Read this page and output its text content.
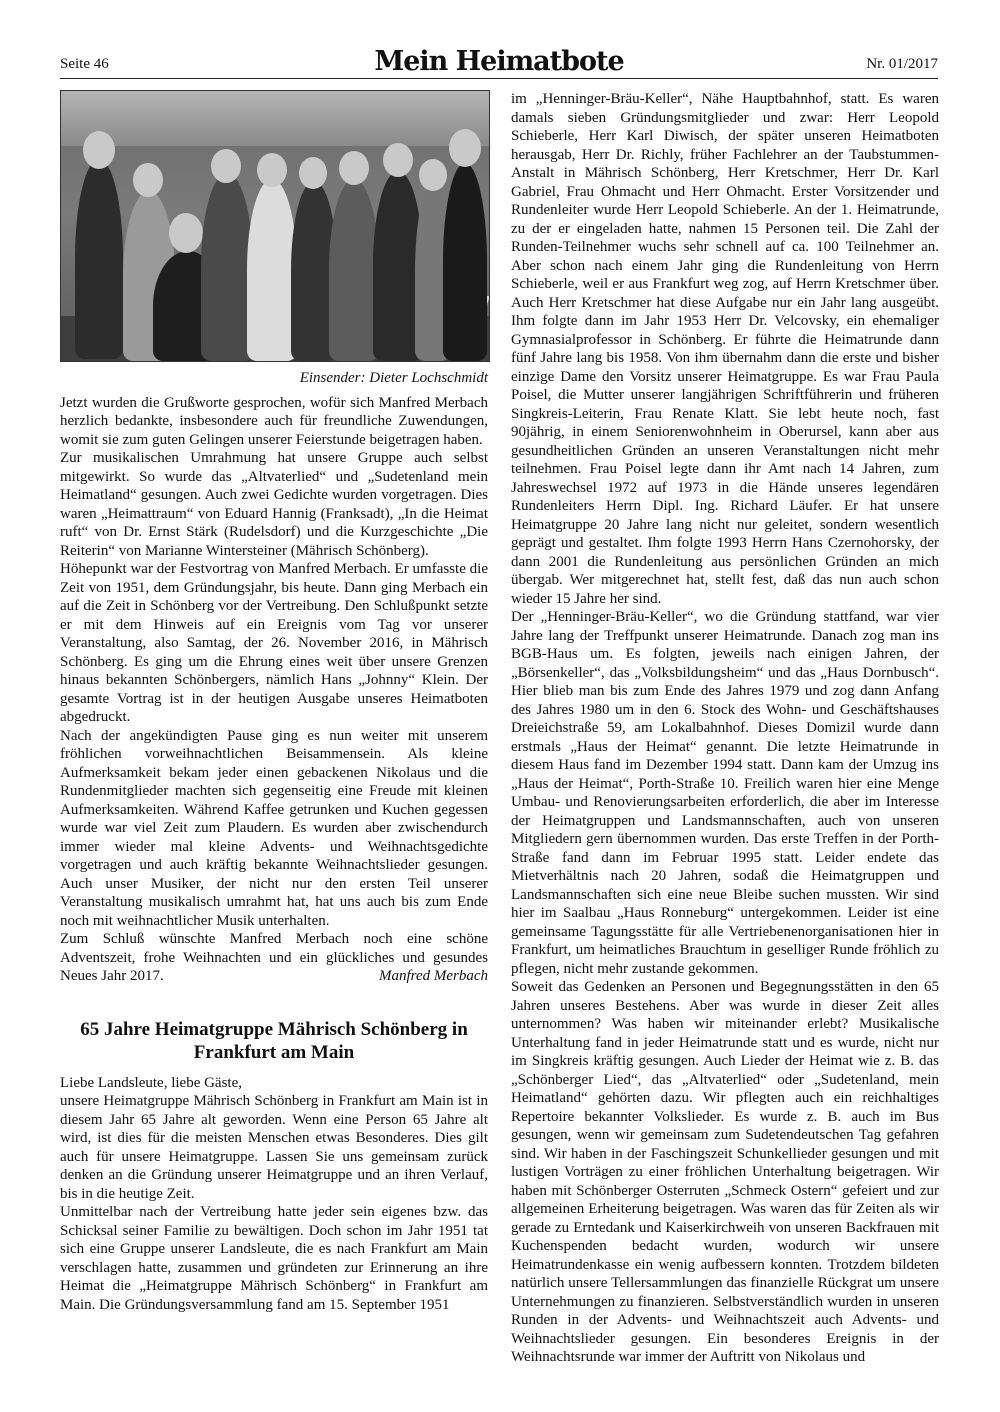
Seite 46	Mein Heimatbote	Nr. 01/2017
Einsender: Dieter Lochschmidt

Jetzt wurden die Grußworte gesprochen, wofür sich Manfred Merbach herzlich bedankte, insbesondere auch für freundliche Zuwendungen, womit sie zum guten Gelingen unserer Feierstunde beigetragen haben.

Zur musikalischen Umrahmung hat unsere Gruppe auch selbst mitgewirkt. So wurde das „Altvaterlied“ und „Sudetenland mein Heimatland“ gesungen. Auch zwei Gedichte wurden vorgetragen. Dies waren „Heimattraum“ von Eduard Hannig (Franksadt), „In die Heimat ruft“ von Dr. Ernst Stärk (Rudelsdorf) und die Kurzgeschichte „Die Reiterin“ von Marianne Wintersteiner (Mährisch Schönberg).

Höhepunkt war der Festvortrag von Manfred Merbach. Er umfasste die Zeit von 1951, dem Gründungsjahr, bis heute. Dann ging Merbach ein auf die Zeit in Schönberg vor der Vertreibung. Den Schlußpunkt setzte er mit dem Hinweis auf ein Ereignis vom Tag vor unserer Veranstaltung, also Samtag, der 26. November 2016, in Mährisch Schönberg. Es ging um die Ehrung eines weit über unsere Grenzen hinaus bekannten Schönbergers, nämlich Hans „Johnny“ Klein. Der gesamte Vortrag ist in der heutigen Ausgabe unseres Heimatboten abgedruckt.

Nach der angekündigten Pause ging es nun weiter mit unserem fröhlichen vorweihnachtlichen Beisammensein. Als kleine Aufmerksamkeit bekam jeder einen gebackenen Nikolaus und die Rundenmitglieder machten sich gegenseitig eine Freude mit kleinen Aufmerksamkeiten. Während Kaffee getrunken und Kuchen gegessen wurde war viel Zeit zum Plaudern. Es wurden aber zwischendurch immer wieder mal kleine Advents- und Weihnachtsgedichte vorgetragen und auch kräftig bekannte Weihnachtslieder gesungen. Auch unser Musiker, der nicht nur den ersten Teil unserer Veranstaltung musikalisch umrahmt hat, hat uns auch bis zum Ende noch mit weihnachtlicher Musik unterhalten.

Zum Schluß wünschte Manfred Merbach noch eine schöne Adventszeit, frohe Weihnachten und ein glückliches und gesundes Neues Jahr 2017.	Manfred Merbach

65 Jahre Heimatgruppe Mährisch Schönberg in Frankfurt am Main

Liebe Landsleute, liebe Gäste,

unsere Heimatgruppe Mährisch Schönberg in Frankfurt am Main ist in diesem Jahr 65 Jahre alt geworden. Wenn eine Person 65 Jahre alt wird, ist dies für die meisten Menschen etwas Besonderes. Dies gilt auch für unsere Heimatgruppe. Lassen Sie uns gemeinsam zurück denken an die Gründung unserer Heimatgruppe und an ihren Verlauf, bis in die heutige Zeit.

Unmittelbar nach der Vertreibung hatte jeder sein eigenes bzw. das Schicksal seiner Familie zu bewältigen. Doch schon im Jahr 1951 tat sich eine Gruppe unserer Landsleute, die es nach Frankfurt am Main verschlagen hatte, zusammen und gründeten zur Erinnerung an ihre Heimat die „Heimatgruppe Mährisch Schönberg“ in Frankfurt am Main. Die Gründungsversammlung fand am 15. September 1951

im „Henninger-Bräu-Keller“, Nähe Hauptbahnhof, statt. Es waren damals sieben Gründungsmitglieder und zwar: Herr Leopold Schieberle, Herr Karl Diwisch, der später unseren Heimatboten herausgab, Herr Dr. Richly, früher Fachlehrer an der Taubstummen-Anstalt in Mährisch Schönberg, Herr Kretschmer, Herr Dr. Karl Gabriel, Frau Ohmacht und Herr Ohmacht. Erster Vorsitzender und Rundenleiter wurde Herr Leopold Schieberle. An der 1. Heimatrunde, zu der er eingeladen hatte, nahmen 15 Personen teil. Die Zahl der Runden-Teilnehmer wuchs sehr schnell auf ca. 100 Teilnehmer an. Aber schon nach einem Jahr ging die Rundenleitung von Herrn Schieberle, weil er aus Frankfurt weg zog, auf Herrn Kretschmer über. Auch Herr Kretschmer hat diese Aufgabe nur ein Jahr lang ausgeübt. Ihm folgte dann im Jahr 1953 Herr Dr. Velcovsky, ein ehemaliger Gymnasialprofessor in Schönberg. Er führte die Heimatrunde dann fünf Jahre lang bis 1958. Von ihm übernahm dann die erste und bisher einzige Dame den Vorsitz unserer Heimatgruppe. Es war Frau Paula Poisel, die Mutter unserer langjährigen Schriftführerin und früheren Singkreis-Leiterin, Frau Renate Klatt. Sie lebt heute noch, fast 90jährig, in einem Seniorenwohnheim in Oberursel, kann aber aus gesundheitlichen Gründen an unseren Veranstaltungen nicht mehr teilnehmen. Frau Poisel legte dann ihr Amt nach 14 Jahren, zum Jahreswechsel 1972 auf 1973 in die Hände unseres legendären Rundenleiters Herrn Dipl. Ing. Richard Läufer. Er hat unsere Heimatgruppe 20 Jahre lang nicht nur geleitet, sondern wesentlich geprägt und gestaltet. Ihm folgte 1993 Herrn Hans Czernohorsky, der dann 2001 die Rundenleitung aus persönlichen Gründen an mich übergab. Wer mitgerechnet hat, stellt fest, daß das nun auch schon wieder 15 Jahre her sind.

Der „Henninger-Bräu-Keller“, wo die Gründung stattfand, war vier Jahre lang der Treffpunkt unserer Heimatrunde. Danach zog man ins BGB-Haus um. Es folgten, jeweils nach einigen Jahren, der „Börsenkeller“, das „Volksbildungsheim“ und das „Haus Dornbusch“. Hier blieb man bis zum Ende des Jahres 1979 und zog dann Anfang des Jahres 1980 um in den 6. Stock des Wohn- und Geschäftshauses Dreieichstraße 59, am Lokalbahnhof. Dieses Domizil wurde dann erstmals „Haus der Heimat“ genannt. Die letzte Heimatrunde in diesem Haus fand im Dezember 1994 statt. Dann kam der Umzug ins „Haus der Heimat“, Porth-Straße 10. Freilich waren hier eine Menge Umbau- und Renovierungsarbeiten erforderlich, die aber im Interesse der Heimatgruppen und Landsmannschaften, auch von unseren Mitgliedern gern übernommen wurden. Das erste Treffen in der Porth-Straße fand dann im Februar 1995 statt. Leider endete das Mietverhältnis nach 20 Jahren, sodaß die Heimatgruppen und Landsmannschaften sich eine neue Bleibe suchen mussten. Wir sind hier im Saalbau „Haus Ronneburg“ untergekommen. Leider ist eine gemeinsame Tagungsstätte für alle Vertriebenenorganisationen hier in Frankfurt, um heimatliches Brauchtum in geselliger Runde fröhlich zu pflegen, nicht mehr zustande gekommen.

Soweit das Gedenken an Personen und Begegnungsstätten in den 65 Jahren unseres Bestehens. Aber was wurde in dieser Zeit alles unternommen? Was haben wir miteinander erlebt? Musikalische Unterhaltung fand in jeder Heimatrunde statt und es wurde, nicht nur im Singkreis kräftig gesungen. Auch Lieder der Heimat wie z. B. das „Schönberger Lied“, das „Altvaterlied“ oder „Sudetenland, mein Heimatland“ gehörten dazu. Wir pflegten auch ein reichhaltiges Repertoire bekannter Volkslieder. Es wurde z. B. auch im Bus gesungen, wenn wir gemeinsam zum Sudetendeutschen Tag gefahren sind. Wir haben in der Faschingszeit Schunkellieder gesungen und mit lustigen Vorträgen zu einer fröhlichen Unterhaltung beigetragen. Wir haben mit Schönberger Osterruten „Schmeck Ostern“ gefeiert und zur allgemeinen Erheiterung beigetragen. Was waren das für Zeiten als wir gerade zu Erntedank und Kaiserkirchweih von unseren Backfrauen mit Kuchenspenden bedacht wurden, wodurch wir unsere Heimatrundenkasse ein wenig aufbessern konnten. Trotzdem bildeten natürlich unsere Tellersammlungen das finanzielle Rückgrat um unsere Unternehmungen zu finanzieren. Selbstverständlich wurden in unseren Runden in der Advents- und Weihnachtszeit auch Advents- und Weihnachtslieder gesungen. Ein besonderes Ereignis in der Weihnachtsrunde war immer der Auftritt von Nikolaus und
